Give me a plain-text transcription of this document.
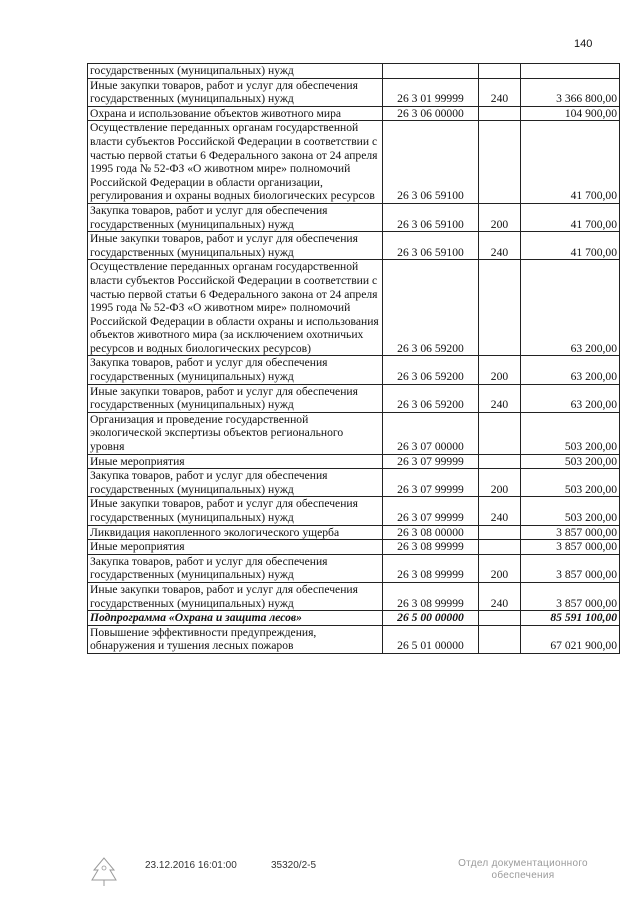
140
государственных (муниципальных) нужд			
Иные закупки товаров, работ и услуг для обеспечения государственных (муниципальных) нужд	26 3 01 99999	240	3 366 800,00
Охрана и использование объектов животного мира	26 3 06 00000		104 900,00
Осуществление переданных органам государственной власти субъектов Российской Федерации в соответствии с частью первой статьи 6 Федерального закона от 24 апреля 1995 года № 52-ФЗ «О животном мире» полномочий Российской Федерации в области организации, регулирования и охраны водных биологических ресурсов	26 3 06 59100		41 700,00
Закупка товаров, работ и услуг для обеспечения государственных (муниципальных) нужд	26 3 06 59100	200	41 700,00
Иные закупки товаров, работ и услуг для обеспечения государственных (муниципальных) нужд	26 3 06 59100	240	41 700,00
Осуществление переданных органам государственной власти субъектов Российской Федерации в соответствии с частью первой статьи 6 Федерального закона от 24 апреля 1995 года № 52-ФЗ «О животном мире» полномочий Российской Федерации в области охраны и использования объектов животного мира (за исключением охотничьих ресурсов и водных биологических ресурсов)	26 3 06 59200		63 200,00
Закупка товаров, работ и услуг для обеспечения государственных (муниципальных) нужд	26 3 06 59200	200	63 200,00
Иные закупки товаров, работ и услуг для обеспечения государственных (муниципальных) нужд	26 3 06 59200	240	63 200,00
Организация и проведение государственной экологической экспертизы объектов регионального уровня	26 3 07 00000		503 200,00
Иные мероприятия	26 3 07 99999		503 200,00
Закупка товаров, работ и услуг для обеспечения государственных (муниципальных) нужд	26 3 07 99999	200	503 200,00
Иные закупки товаров, работ и услуг для обеспечения государственных (муниципальных) нужд	26 3 07 99999	240	503 200,00
Ликвидация накопленного экологического ущерба	26 3 08 00000		3 857 000,00
Иные мероприятия	26 3 08 99999		3 857 000,00
Закупка товаров, работ и услуг для обеспечения государственных (муниципальных) нужд	26 3 08 99999	200	3 857 000,00
Иные закупки товаров, работ и услуг для обеспечения государственных (муниципальных) нужд	26 3 08 99999	240	3 857 000,00
Подпрограмма «Охрана и защита лесов»	26 5 00 00000		85 591 100,00
Повышение эффективности предупреждения, обнаружения и тушения лесных пожаров	26 5 01 00000		67 021 900,00
23.12.2016 16:01:00	35320/2-5	Отдел документационного
обеспечения
